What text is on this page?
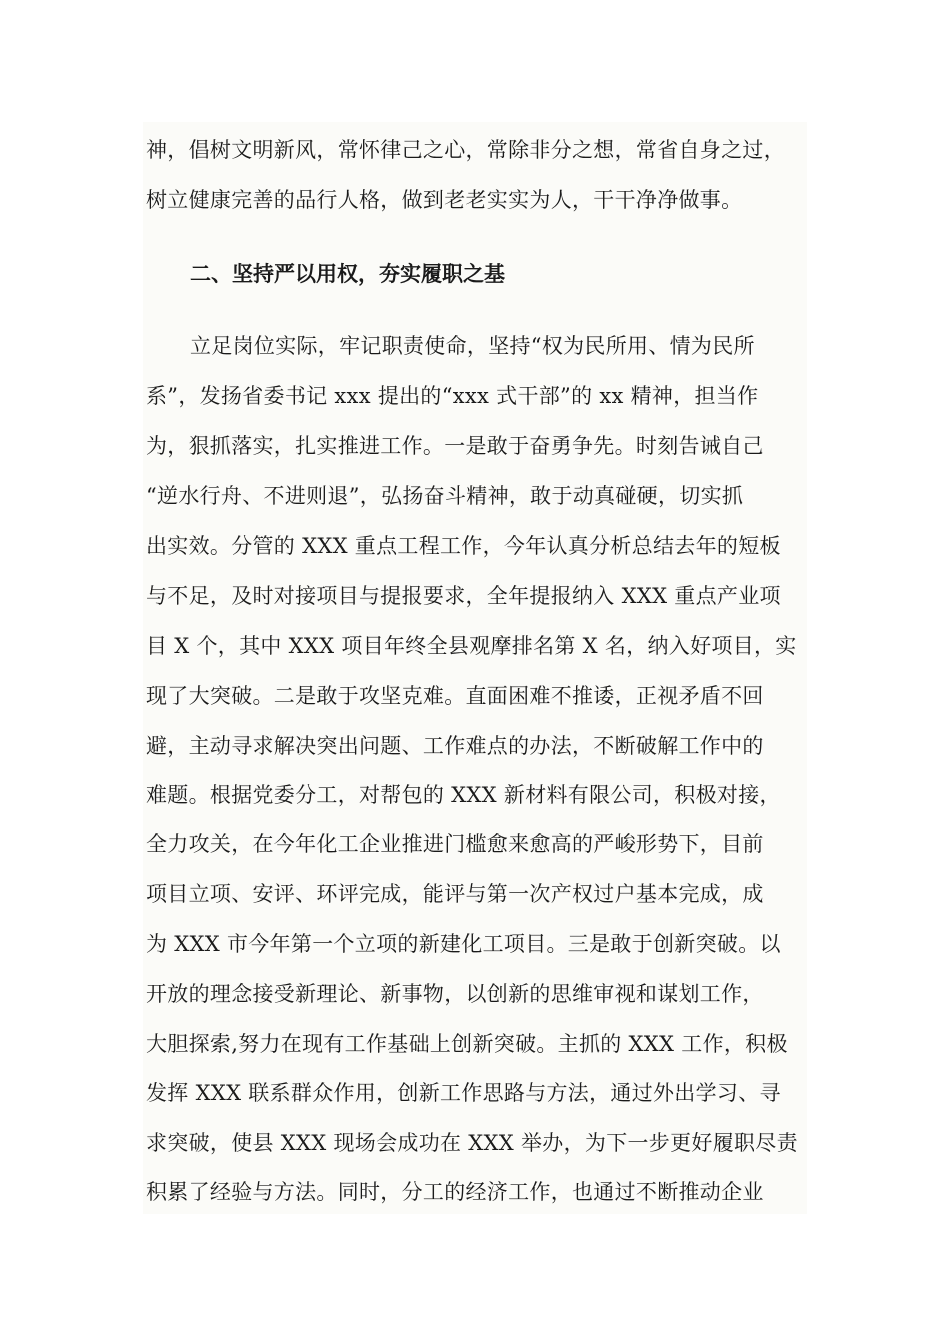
神，倡树文明新风，常怀律己之心，常除非分之想，常省自身之过，
树立健康完善的品行人格，做到老老实实为人，干干净净做事。
二、坚持严以用权，夯实履职之基
立足岗位实际，牢记职责使命，坚持“权为民所用、情为民所
系”，发扬省委书记 xxx 提出的“xxx 式干部”的 xx 精神，担当作
为，狠抓落实，扎实推进工作。一是敢于奋勇争先。时刻告诫自己
“逆水行舟、不进则退”，弘扬奋斗精神，敢于动真碰硬，切实抓
出实效。分管的 XXX 重点工程工作，今年认真分析总结去年的短板
与不足，及时对接项目与提报要求，全年提报纳入 XXX 重点产业项
目 X 个，其中 XXX 项目年终全县观摩排名第 X 名，纳入好项目，实
现了大突破。二是敢于攻坚克难。直面困难不推诿，正视矛盾不回
避，主动寻求解决突出问题、工作难点的办法，不断破解工作中的
难题。根据党委分工，对帮包的 XXX 新材料有限公司，积极对接，
全力攻关，在今年化工企业推进门槛愈来愈高的严峻形势下，目前
项目立项、安评、环评完成，能评与第一次产权过户基本完成，成
为 XXX 市今年第一个立项的新建化工项目。三是敢于创新突破。以
开放的理念接受新理论、新事物，以创新的思维审视和谋划工作，
大胆探索,努力在现有工作基础上创新突破。主抓的 XXX 工作，积极
发挥 XXX 联系群众作用，创新工作思路与方法，通过外出学习、寻
求突破，使县 XXX 现场会成功在 XXX 举办，为下一步更好履职尽责
积累了经验与方法。同时，分工的经济工作，也通过不断推动企业
